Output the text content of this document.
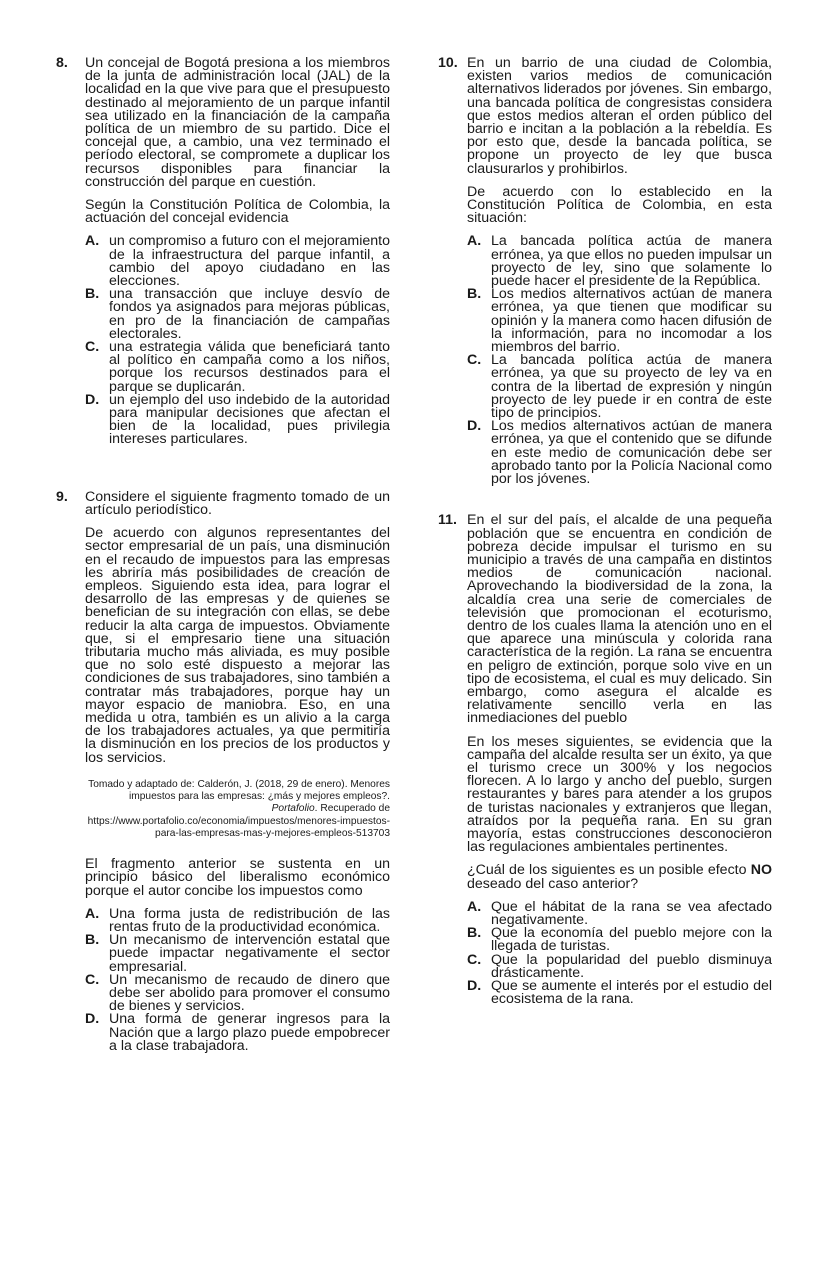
8. Un concejal de Bogotá presiona a los miembros de la junta de administración local (JAL) de la localidad en la que vive para que el presupuesto destinado al mejoramiento de un parque infantil sea utilizado en la financiación de la campaña política de un miembro de su partido. Dice el concejal que, a cambio, una vez terminado el período electoral, se compromete a duplicar los recursos disponibles para financiar la construcción del parque en cuestión.

Según la Constitución Política de Colombia, la actuación del concejal evidencia

A. un compromiso a futuro con el mejoramiento de la infraestructura del parque infantil, a cambio del apoyo ciudadano en las elecciones.
B. una transacción que incluye desvío de fondos ya asignados para mejoras públicas, en pro de la financiación de campañas electorales.
C. una estrategia válida que beneficiará tanto al político en campaña como a los niños, porque los recursos destinados para el parque se duplicarán.
D. un ejemplo del uso indebido de la autoridad para manipular decisiones que afectan el bien de la localidad, pues privilegia intereses particulares.
9. Considere el siguiente fragmento tomado de un artículo periodístico.

De acuerdo con algunos representantes del sector empresarial de un país, una disminución en el recaudo de impuestos para las empresas les abriría más posibilidades de creación de empleos. Siguiendo esta idea, para lograr el desarrollo de las empresas y de quienes se benefician de su integración con ellas, se debe reducir la alta carga de impuestos. Obviamente que, si el empresario tiene una situación tributaria mucho más aliviada, es muy posible que no solo esté dispuesto a mejorar las condiciones de sus trabajadores, sino también a contratar más trabajadores, porque hay un mayor espacio de maniobra. Eso, en una medida u otra, también es un alivio a la carga de los trabajadores actuales, ya que permitiría la disminución en los precios de los productos y los servicios.

Tomado y adaptado de: Calderón, J. (2018, 29 de enero). Menores impuestos para las empresas: ¿más y mejores empleos?. Portafolio. Recuperado de https://www.portafolio.co/economia/impuestos/menores-impuestos-para-las-empresas-mas-y-mejores-empleos-513703

El fragmento anterior se sustenta en un principio básico del liberalismo económico porque el autor concibe los impuestos como

A. Una forma justa de redistribución de las rentas fruto de la productividad económica.
B. Un mecanismo de intervención estatal que puede impactar negativamente el sector empresarial.
C. Un mecanismo de recaudo de dinero que debe ser abolido para promover el consumo de bienes y servicios.
D. Una forma de generar ingresos para la Nación que a largo plazo puede empobrecer a la clase trabajadora.
10. En un barrio de una ciudad de Colombia, existen varios medios de comunicación alternativos liderados por jóvenes. Sin embargo, una bancada política de congresistas considera que estos medios alteran el orden público del barrio e incitan a la población a la rebeldía. Es por esto que, desde la bancada política, se propone un proyecto de ley que busca clausurarlos y prohibirlos.

De acuerdo con lo establecido en la Constitución Política de Colombia, en esta situación:

A. La bancada política actúa de manera errónea, ya que ellos no pueden impulsar un proyecto de ley, sino que solamente lo puede hacer el presidente de la República.
B. Los medios alternativos actúan de manera errónea, ya que tienen que modificar su opinión y la manera como hacen difusión de la información, para no incomodar a los miembros del barrio.
C. La bancada política actúa de manera errónea, ya que su proyecto de ley va en contra de la libertad de expresión y ningún proyecto de ley puede ir en contra de este tipo de principios.
D. Los medios alternativos actúan de manera errónea, ya que el contenido que se difunde en este medio de comunicación debe ser aprobado tanto por la Policía Nacional como por los jóvenes.
11. En el sur del país, el alcalde de una pequeña población que se encuentra en condición de pobreza decide impulsar el turismo en su municipio a través de una campaña en distintos medios de comunicación nacional. Aprovechando la biodiversidad de la zona, la alcaldía crea una serie de comerciales de televisión que promocionan el ecoturismo, dentro de los cuales llama la atención uno en el que aparece una minúscula y colorida rana característica de la región. La rana se encuentra en peligro de extinción, porque solo vive en un tipo de ecosistema, el cual es muy delicado. Sin embargo, como asegura el alcalde es relativamente sencillo verla en las inmediaciones del pueblo

En los meses siguientes, se evidencia que la campaña del alcalde resulta ser un éxito, ya que el turismo crece un 300% y los negocios florecen. A lo largo y ancho del pueblo, surgen restaurantes y bares para atender a los grupos de turistas nacionales y extranjeros que llegan, atraídos por la pequeña rana. En su gran mayoría, estas construcciones desconocieron las regulaciones ambientales pertinentes.

¿Cuál de los siguientes es un posible efecto NO deseado del caso anterior?

A. Que el hábitat de la rana se vea afectado negativamente.
B. Que la economía del pueblo mejore con la llegada de turistas.
C. Que la popularidad del pueblo disminuya drásticamente.
D. Que se aumente el interés por el estudio del ecosistema de la rana.
